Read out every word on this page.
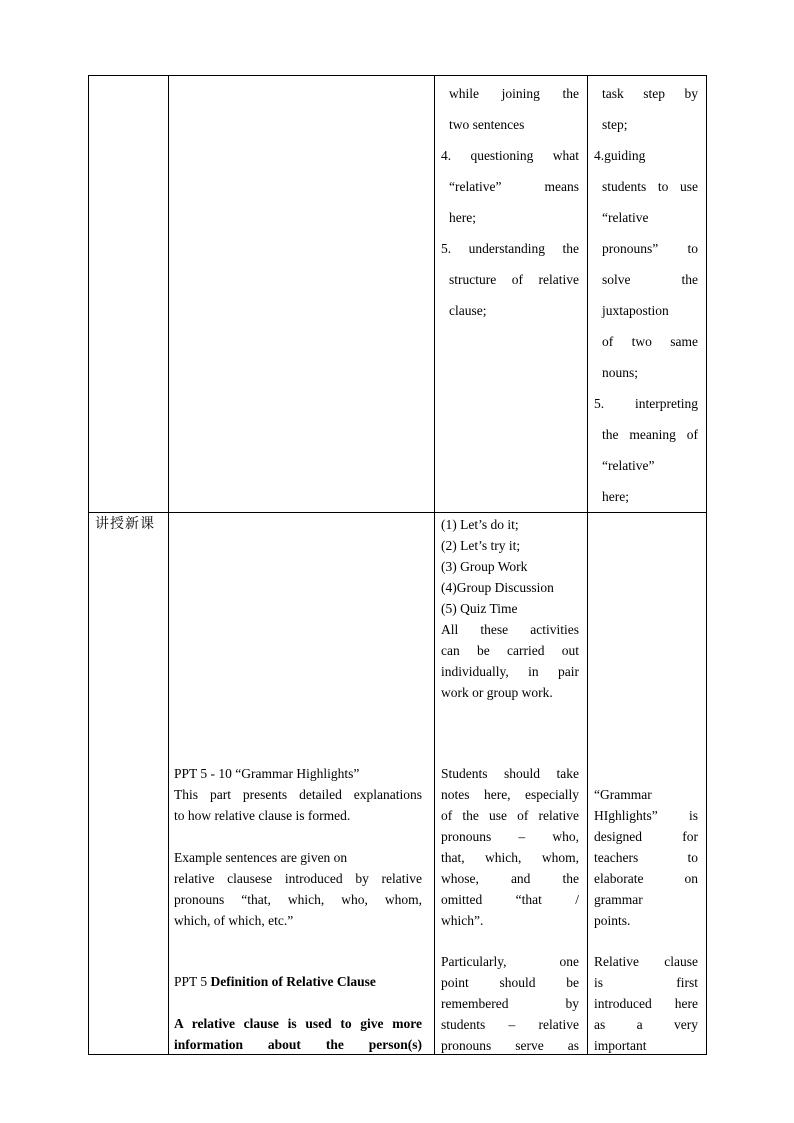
while joining the
two sentences
4. questioning what
“relative” means
here;
5. understanding the
structure of relative
clause;
task step by
step;
4.guiding
students to use
“relative
pronouns” to
solve the
juxtapostion
of two same
nouns;
5. interpreting
the meaning of
“relative”
here;
讲授新课
PPT 5 - 10 “Grammar Highlights”
This part presents detailed explanations
to how relative clause is formed.
Example sentences are given on
relative clausese introduced by relative
pronouns “that, which, who, whom,
which, of which, etc.”
PPT 5 Definition of Relative Clause
A relative clause is used to give more
information about the person(s)
(1) Let’s do it;
(2) Let’s try it;
(3) Group Work
(4)Group Discussion
(5) Quiz Time
All these activities
can be carried out
individually, in pair
work or group work.
Students should take
notes here, especially
of the use of relative
pronouns – who,
that, which, whom,
whose, and the
omitted “that /
which”.
Particularly, one
point should be
remembered by
students – relative
pronouns serve as
“Grammar
HIghlights” is
designed for
teachers to
elaborate on
grammar
points.
Relative clause
is first
introduced here
as a very
important
